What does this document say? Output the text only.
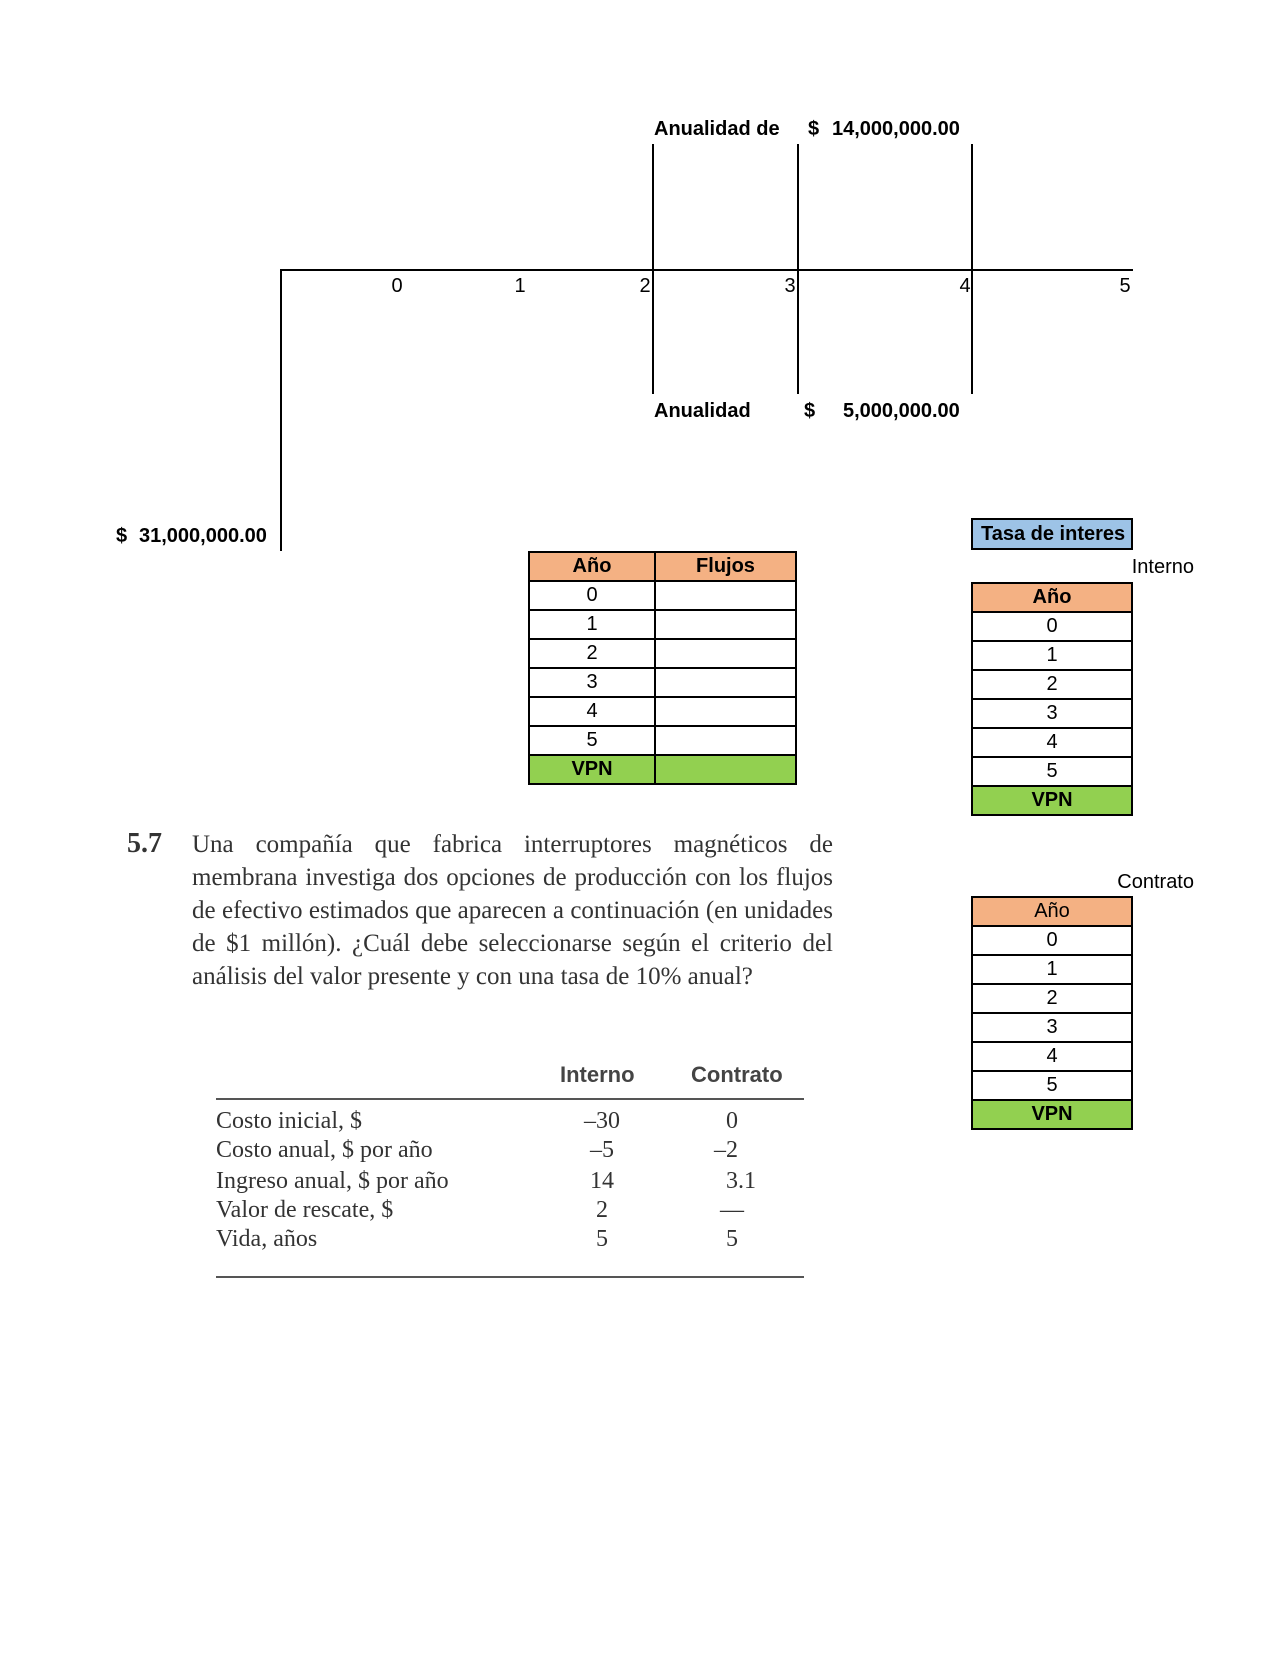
Anualidad de $ 14,000,000.00
0	1	2	3	4	5
Anualidad	$ 5,000,000.00
$ 31,000,000.00
Año	Flujos
0	
1	
2	
3	
4	
5	
VPN	
Tasa de interes
Interno
Año
0
1
2
3
4
5
VPN
Contrato
Año
0
1
2
3
4
5
VPN
5.7 Una compañía que fabrica interruptores magnéticos de membrana investiga dos opciones de producción con los flujos de efectivo estimados que aparecen a continuación (en unidades de $1 millón). ¿Cuál debe seleccionarse según el criterio del análisis del valor presente y con una tasa de 10% anual?
Interno	Contrato
Costo inicial, $	–30	0
Costo anual, $ por año	–5	–2
Ingreso anual, $ por año	14	3.1
Valor de rescate, $	2	—
Vida, años	5	5
